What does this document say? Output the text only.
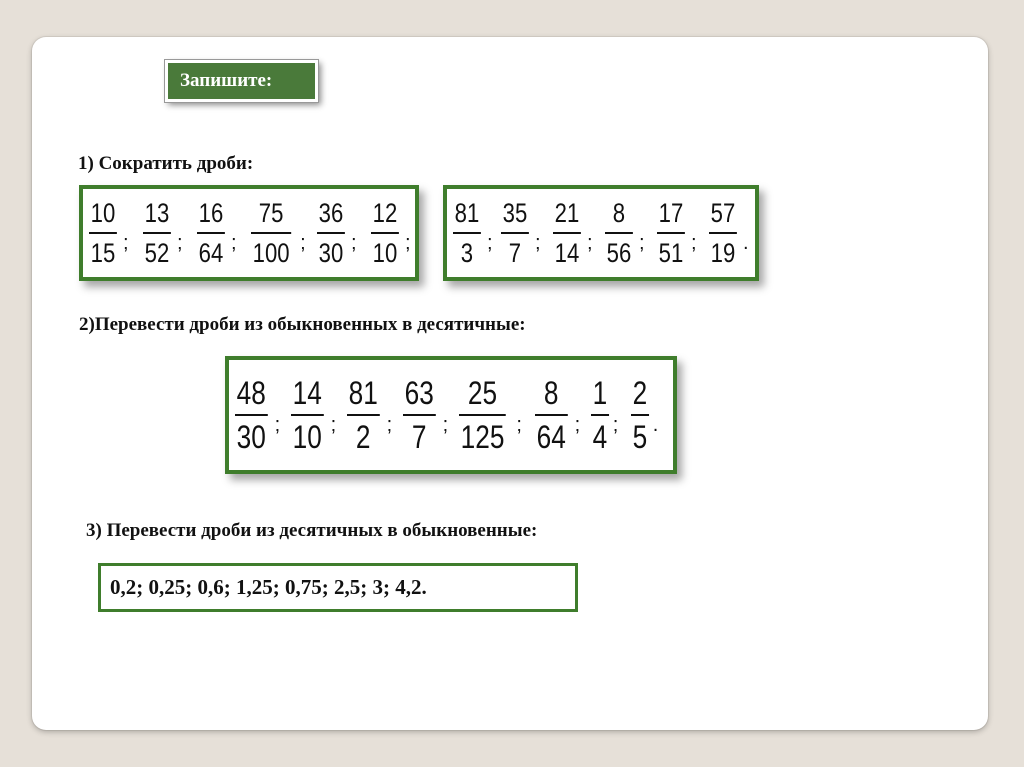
Запишите:
1) Сократить дроби:
$\frac{10}{15}$ ; $\frac{13}{52}$ ; $\frac{16}{64}$ ; $\frac{75}{100}$ ; $\frac{36}{30}$ ; $\frac{12}{10}$ ; $\frac{81}{3}$ ; $\frac{35}{7}$ ; $\frac{21}{14}$ ; $\frac{8}{56}$ ; $\frac{17}{51}$ ; $\frac{57}{19}$ .
2)Перевести дроби из обыкновенных в десятичные:
$\frac{48}{30}$ ; $\frac{14}{10}$ ; $\frac{81}{2}$ ; $\frac{63}{7}$ ; $\frac{25}{125}$ ; $\frac{8}{64}$ ; $\frac{1}{4}$ ; $\frac{2}{5}$ .
3) Перевести дроби из десятичных в обыкновенные:
0,2; 0,25; 0,6; 1,25; 0,75; 2,5; 3; 4,2.
